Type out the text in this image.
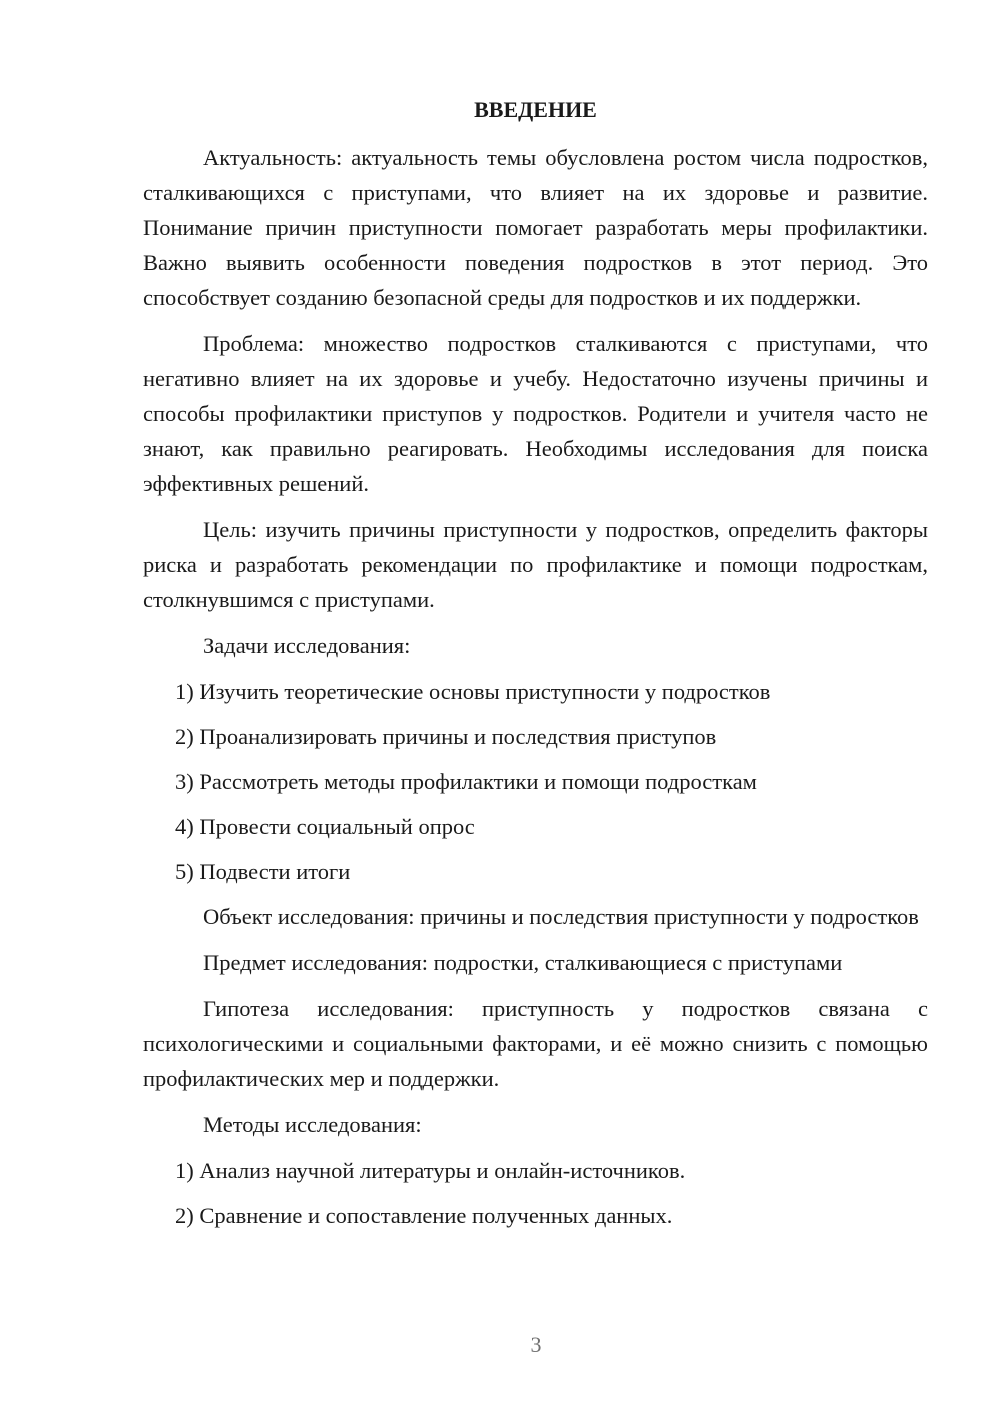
ВВЕДЕНИЕ

Актуальность: актуальность темы обусловлена ростом числа подростков, сталкивающихся с приступами, что влияет на их здоровье и развитие. Понимание причин приступности помогает разработать меры профилактики. Важно выявить особенности поведения подростков в этот период. Это способствует созданию безопасной среды для подростков и их поддержки.

Проблема: множество подростков сталкиваются с приступами, что негативно влияет на их здоровье и учебу. Недостаточно изучены причины и способы профилактики приступов у подростков. Родители и учителя часто не знают, как правильно реагировать. Необходимы исследования для поиска эффективных решений.

Цель: изучить причины приступности у подростков, определить факторы риска и разработать рекомендации по профилактике и помощи подросткам, столкнувшимся с приступами.

Задачи исследования:

1) Изучить теоретические основы приступности у подростков
2) Проанализировать причины и последствия приступов
3) Рассмотреть методы профилактики и помощи подросткам
4) Провести социальный опрос
5) Подвести итоги

Объект исследования: причины и последствия приступности у подростков

Предмет исследования: подростки, сталкивающиеся с приступами

Гипотеза исследования: приступность у подростков связана с психологическими и социальными факторами, и её можно снизить с помощью профилактических мер и поддержки.

Методы исследования:

1) Анализ научной литературы и онлайн-источников.
2) Сравнение и сопоставление полученных данных.
3
